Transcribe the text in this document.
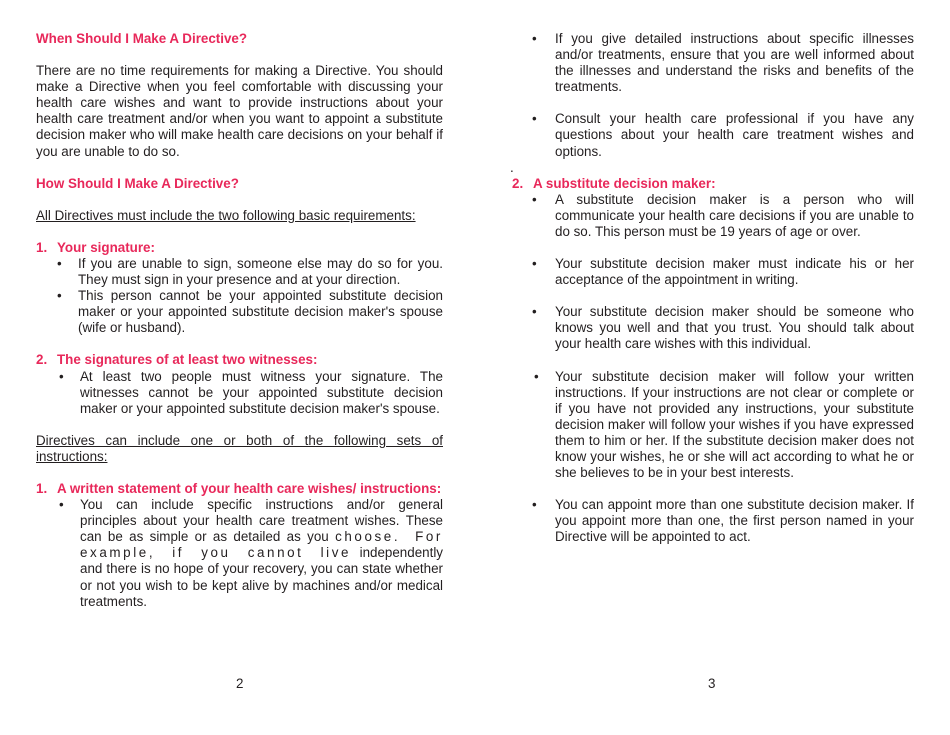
When Should I Make A Directive?

There are no time requirements for making a Directive. You should make a Directive when you feel comfortable with discussing your health care wishes and want to provide instructions about your health care treatment and/or when you want to appoint a substitute decision maker who will make health care decisions on your behalf if you are unable to do so.

How Should I Make A Directive?

All Directives must include the two following basic requirements:

1. Your signature:
•	If you are unable to sign, someone else may do so for you. They must sign in your presence and at your direction.
•	This person cannot be your appointed substitute decision maker or your appointed substitute decision maker's spouse (wife or husband).
2. The signatures of at least two witnesses:
•	At least two people must witness your signature. The witnesses cannot be your appointed substitute decision maker or your appointed substitute decision maker's spouse.

Directives can include one or both of the following sets of instructions:

1. A written statement of your health care wishes/ instructions:
•	You can include specific instructions and/or general principles about your health care treatment wishes. These can be as simple or as detailed as you choose. For example, if you cannot live independently and there is no hope of your recovery, you can state whether or not you wish to be kept alive by machines and/or medical treatments.
2
•	If you give detailed instructions about specific illnesses and/or treatments, ensure that you are well informed about the illnesses and understand the risks and benefits of the treatments.
•	Consult your health care professional if you have any questions about your health care treatment wishes and options.
.
2. A substitute decision maker:
•	A substitute decision maker is a person who will communicate your health care decisions if you are unable to do so. This person must be 19 years of age or over.
•	Your substitute decision maker must indicate his or her acceptance of the appointment in writing.
•	Your substitute decision maker should be someone who knows you well and that you trust. You should talk about your health care wishes with this individual.
•	Your substitute decision maker will follow your written instructions. If your instructions are not clear or complete or if you have not provided any instructions, your substitute decision maker will follow your wishes if you have expressed them to him or her. If the substitute decision maker does not know your wishes, he or she will act according to what he or she believes to be in your best interests.
•	You can appoint more than one substitute decision maker. If you appoint more than one, the first person named in your Directive will be appointed to act.
3
